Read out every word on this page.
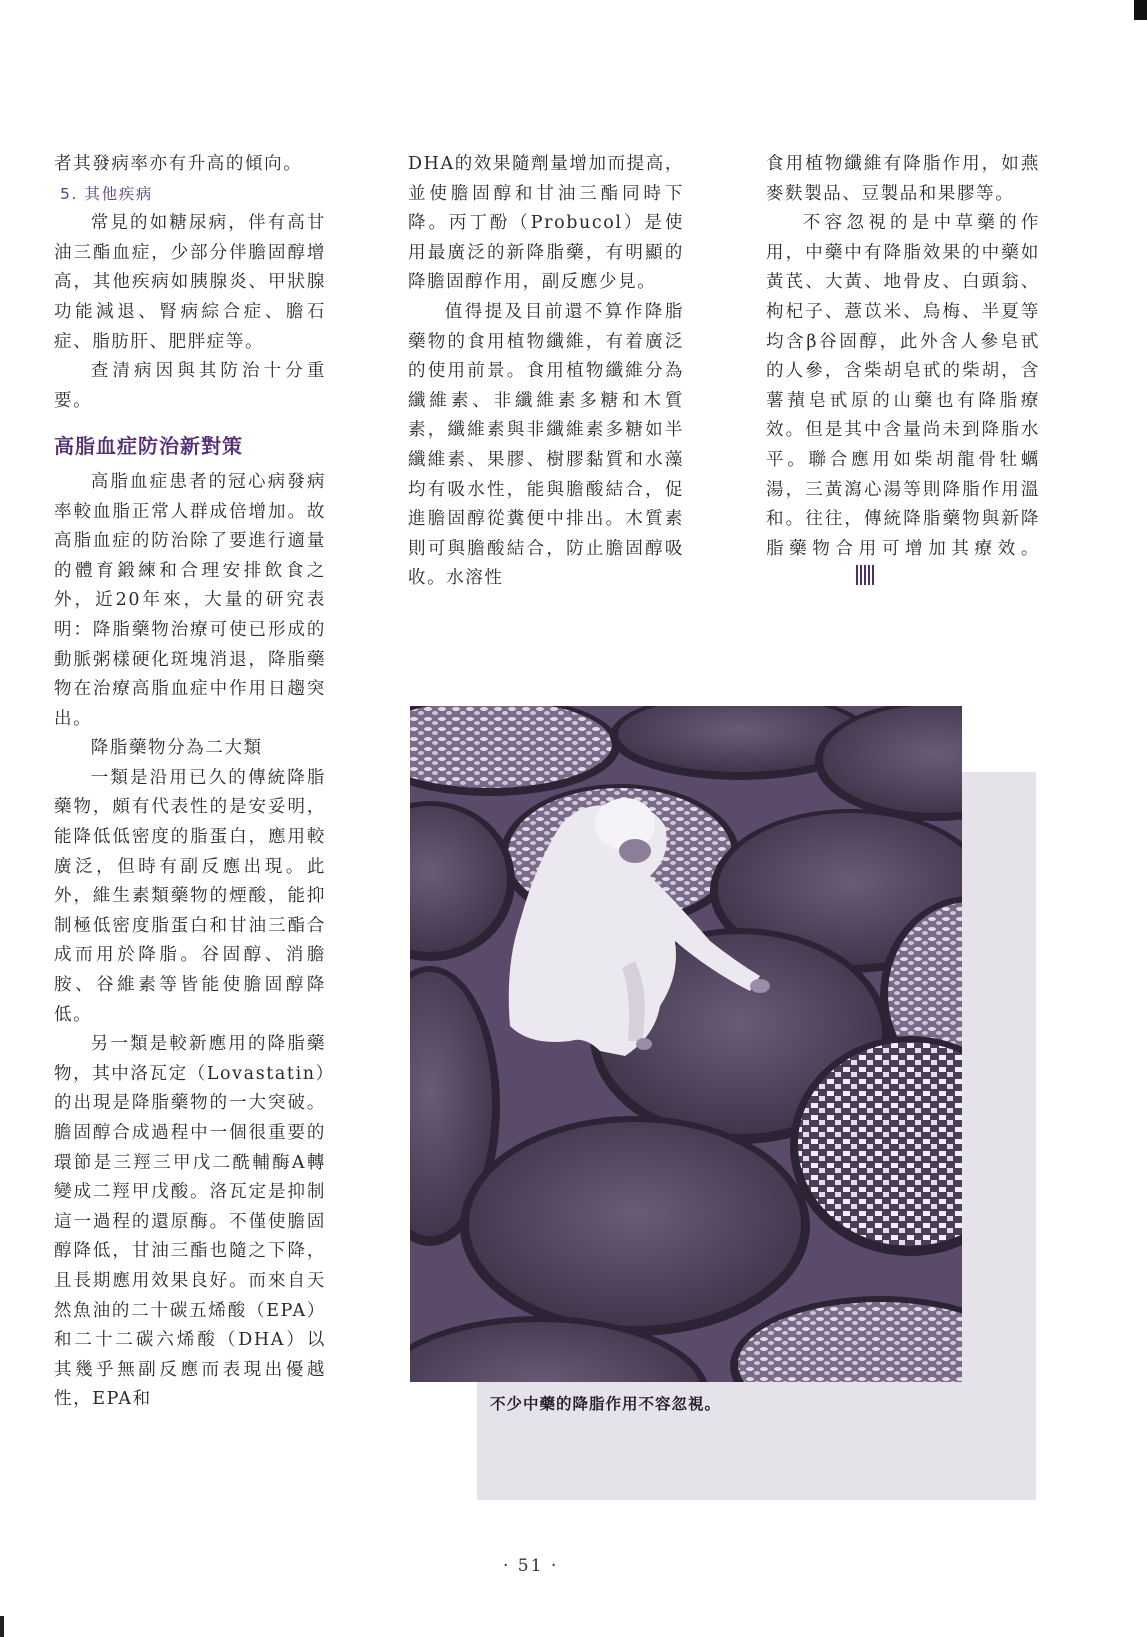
者其發病率亦有升高的傾向。

5. 其他疾病

常見的如糖尿病，伴有高甘油三酯血症，少部分伴膽固醇增高，其他疾病如胰腺炎、甲狀腺功能減退、腎病綜合症、膽石症、脂肪肝、肥胖症等。

查清病因與其防治十分重要。

高脂血症防治新對策

高脂血症患者的冠心病發病率較血脂正常人群成倍增加。故高脂血症的防治除了要進行適量的體育鍛練和合理安排飲食之外，近20年來，大量的研究表明：降脂藥物治療可使已形成的動脈粥樣硬化斑塊消退，降脂藥物在治療高脂血症中作用日趨突出。

降脂藥物分為二大類

一類是沿用已久的傳統降脂藥物，頗有代表性的是安妥明，能降低低密度的脂蛋白，應用較廣泛，但時有副反應出現。此外，維生素類藥物的煙酸，能抑制極低密度脂蛋白和甘油三酯合成而用於降脂。谷固醇、消膽胺、谷維素等皆能使膽固醇降低。

另一類是較新應用的降脂藥物，其中洛瓦定（Lovastatin）的出現是降脂藥物的一大突破。膽固醇合成過程中一個很重要的環節是三羥三甲戊二酰輔酶A轉變成二羥甲戊酸。洛瓦定是抑制這一過程的還原酶。不僅使膽固醇降低，甘油三酯也隨之下降，且長期應用效果良好。而來自天然魚油的二十碳五烯酸（EPA）和二十二碳六烯酸（DHA）以其幾乎無副反應而表現出優越性，EPA和

DHA的效果隨劑量增加而提高，並使膽固醇和甘油三酯同時下降。丙丁酚（Probucol）是使用最廣泛的新降脂藥，有明顯的降膽固醇作用，副反應少見。

值得提及目前還不算作降脂藥物的食用植物纖維，有着廣泛的使用前景。食用植物纖維分為纖維素、非纖維素多糖和木質素，纖維素與非纖維素多糖如半纖維素、果膠、樹膠黏質和水藻均有吸水性，能與膽酸結合，促進膽固醇從糞便中排出。木質素則可與膽酸結合，防止膽固醇吸收。水溶性

食用植物纖維有降脂作用，如燕麥麩製品、豆製品和果膠等。

不容忽視的是中草藥的作用，中藥中有降脂效果的中藥如黃芪、大黃、地骨皮、白頭翁、枸杞子、薏苡米、烏梅、半夏等均含β谷固醇，此外含人參皂甙的人參，含柴胡皂甙的柴胡，含薯蕷皂甙原的山藥也有降脂療效。但是其中含量尚未到降脂水平。聯合應用如柴胡龍骨牡蠣湯，三黃瀉心湯等則降脂作用溫和。往往，傳統降脂藥物與新降脂藥物合用可增加其療效。

不少中藥的降脂作用不容忽視。
· 51 ·
